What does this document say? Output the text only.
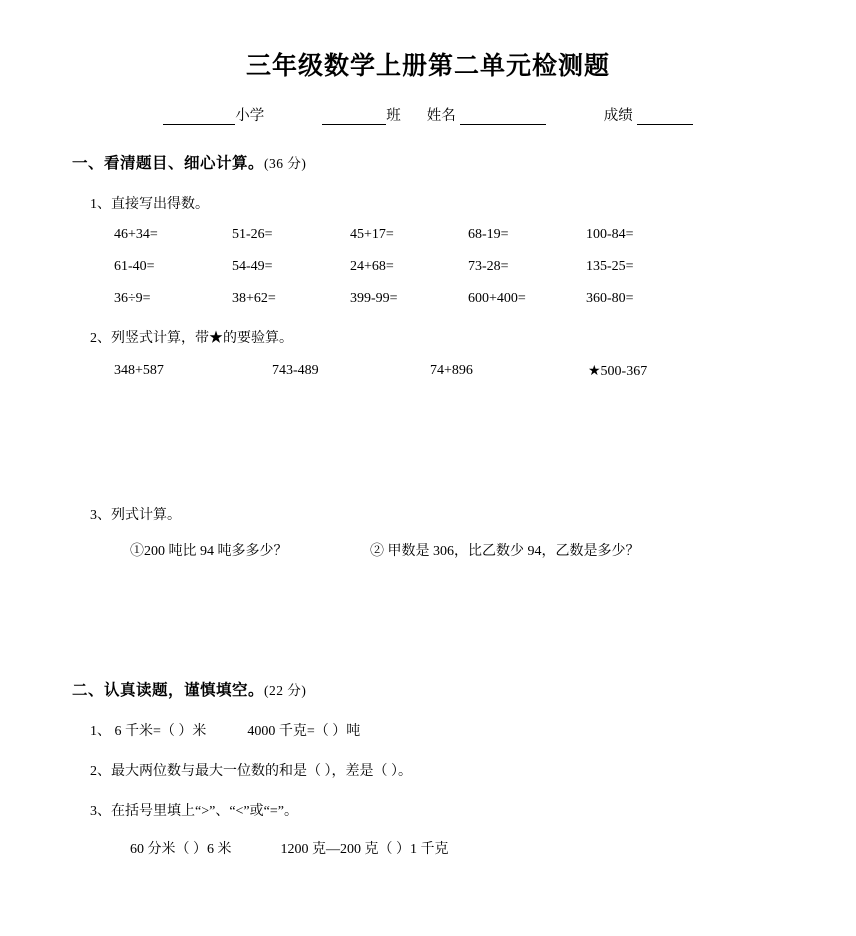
三年级数学上册第二单元检测题
小学	班 姓名	成绩
一、看清题目、细心计算。(36 分)
1、直接写出得数。
46+34=	51-26=	45+17=	68-19=	100-84=
61-40=	54-49=	24+68=	73-28=	135-25=
36÷9=	38+62=	399-99=	600+400=	360-80=
2、列竖式计算，带★的要验算。
348+587	743-489	74+896	★500-367
3、列式计算。
①200 吨比 94 吨多多少？	② 甲数是 306，比乙数少 94，乙数是多少？
二、认真读题，谨慎填空。(22 分)
1、 6 千米=（ ）米	4000 千克=（ ）吨
2、最大两位数与最大一位数的和是（ ），差是（ ）。
3、在括号里填上“>”、“<”或“=”。
60 分米（ ）6 米	1200 克—200 克（ ）1 千克
